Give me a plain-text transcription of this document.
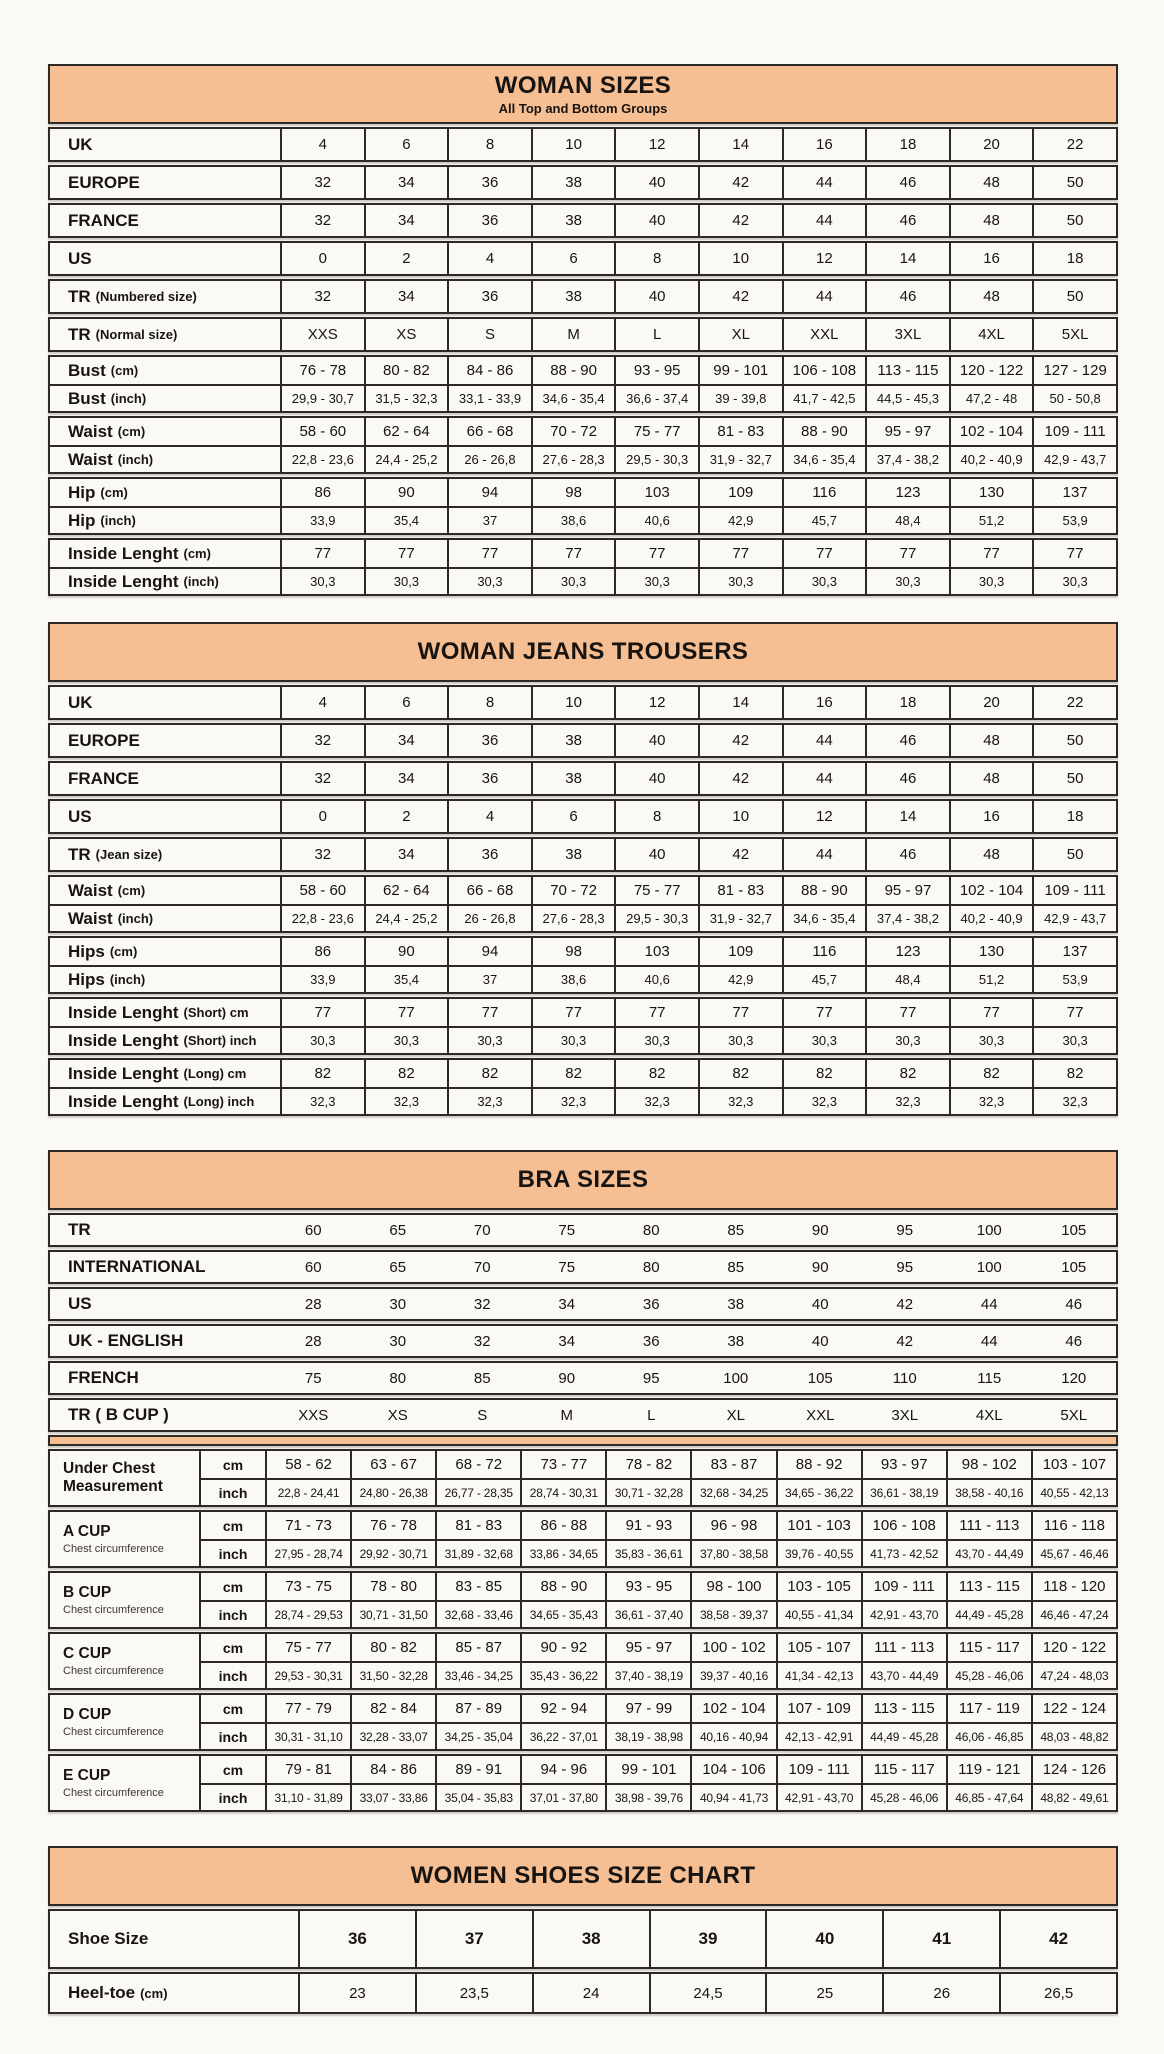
WOMAN SIZES
All Top and Bottom Groups
UK	4	6	8	10	12	14	16	18	20	22
EUROPE	32	34	36	38	40	42	44	46	48	50
FRANCE	32	34	36	38	40	42	44	46	48	50
US	0	2	4	6	8	10	12	14	16	18
TR (Numbered size)	32	34	36	38	40	42	44	46	48	50
TR (Normal size)	XXS	XS	S	M	L	XL	XXL	3XL	4XL	5XL
Bust (cm)	76 - 78	80 - 82	84 - 86	88 - 90	93 - 95	99 - 101	106 - 108	113 - 115	120 - 122	127 - 129
Bust (inch)	29,9 - 30,7	31,5 - 32,3	33,1 - 33,9	34,6 - 35,4	36,6 - 37,4	39 - 39,8	41,7 - 42,5	44,5 - 45,3	47,2 - 48	50 - 50,8
Waist (cm)	58 - 60	62 - 64	66 - 68	70 - 72	75 - 77	81 - 83	88 - 90	95 - 97	102 - 104	109 - 111
Waist (inch)	22,8 - 23,6	24,4 - 25,2	26 - 26,8	27,6 - 28,3	29,5 - 30,3	31,9 - 32,7	34,6 - 35,4	37,4 - 38,2	40,2 - 40,9	42,9 - 43,7
Hip (cm)	86	90	94	98	103	109	116	123	130	137
Hip (inch)	33,9	35,4	37	38,6	40,6	42,9	45,7	48,4	51,2	53,9
Inside Lenght (cm)	77	77	77	77	77	77	77	77	77	77
Inside Lenght (inch)	30,3	30,3	30,3	30,3	30,3	30,3	30,3	30,3	30,3	30,3
WOMAN JEANS TROUSERS
UK	4	6	8	10	12	14	16	18	20	22
EUROPE	32	34	36	38	40	42	44	46	48	50
FRANCE	32	34	36	38	40	42	44	46	48	50
US	0	2	4	6	8	10	12	14	16	18
TR (Jean size)	32	34	36	38	40	42	44	46	48	50
Waist (cm)	58 - 60	62 - 64	66 - 68	70 - 72	75 - 77	81 - 83	88 - 90	95 - 97	102 - 104	109 - 111
Waist (inch)	22,8 - 23,6	24,4 - 25,2	26 - 26,8	27,6 - 28,3	29,5 - 30,3	31,9 - 32,7	34,6 - 35,4	37,4 - 38,2	40,2 - 40,9	42,9 - 43,7
Hips (cm)	86	90	94	98	103	109	116	123	130	137
Hips (inch)	33,9	35,4	37	38,6	40,6	42,9	45,7	48,4	51,2	53,9
Inside Lenght (Short) cm	77	77	77	77	77	77	77	77	77	77
Inside Lenght (Short) inch	30,3	30,3	30,3	30,3	30,3	30,3	30,3	30,3	30,3	30,3
Inside Lenght (Long) cm	82	82	82	82	82	82	82	82	82	82
Inside Lenght (Long) inch	32,3	32,3	32,3	32,3	32,3	32,3	32,3	32,3	32,3	32,3
BRA SIZES
TR	60	65	70	75	80	85	90	95	100	105
INTERNATIONAL	60	65	70	75	80	85	90	95	100	105
US	28	30	32	34	36	38	40	42	44	46
UK - ENGLISH	28	30	32	34	36	38	40	42	44	46
FRENCH	75	80	85	90	95	100	105	110	115	120
TR ( B CUP )	XXS	XS	S	M	L	XL	XXL	3XL	4XL	5XL
Under Chest Measurement
cm	58 - 62	63 - 67	68 - 72	73 - 77	78 - 82	83 - 87	88 - 92	93 - 97	98 - 102	103 - 107
inch	22,8 - 24,41	24,80 - 26,38	26,77 - 28,35	28,74 - 30,31	30,71 - 32,28	32,68 - 34,25	34,65 - 36,22	36,61 - 38,19	38,58 - 40,16	40,55 - 42,13
A CUP
Chest circumference
cm	71 - 73	76 - 78	81 - 83	86 - 88	91 - 93	96 - 98	101 - 103	106 - 108	111 - 113	116 - 118
inch	27,95 - 28,74	29,92 - 30,71	31,89 - 32,68	33,86 - 34,65	35,83 - 36,61	37,80 - 38,58	39,76 - 40,55	41,73 - 42,52	43,70 - 44,49	45,67 - 46,46
B CUP
Chest circumference
cm	73 - 75	78 - 80	83 - 85	88 - 90	93 - 95	98 - 100	103 - 105	109 - 111	113 - 115	118 - 120
inch	28,74 - 29,53	30,71 - 31,50	32,68 - 33,46	34,65 - 35,43	36,61 - 37,40	38,58 - 39,37	40,55 - 41,34	42,91 - 43,70	44,49 - 45,28	46,46 - 47,24
C CUP
Chest circumference
cm	75 - 77	80 - 82	85 - 87	90 - 92	95 - 97	100 - 102	105 - 107	111 - 113	115 - 117	120 - 122
inch	29,53 - 30,31	31,50 - 32,28	33,46 - 34,25	35,43 - 36,22	37,40 - 38,19	39,37 - 40,16	41,34 - 42,13	43,70 - 44,49	45,28 - 46,06	47,24 - 48,03
D CUP
Chest circumference
cm	77 - 79	82 - 84	87 - 89	92 - 94	97 - 99	102 - 104	107 - 109	113 - 115	117 - 119	122 - 124
inch	30,31 - 31,10	32,28 - 33,07	34,25 - 35,04	36,22 - 37,01	38,19 - 38,98	40,16 - 40,94	42,13 - 42,91	44,49 - 45,28	46,06 - 46,85	48,03 - 48,82
E CUP
Chest circumference
cm	79 - 81	84 - 86	89 - 91	94 - 96	99 - 101	104 - 106	109 - 111	115 - 117	119 - 121	124 - 126
inch	31,10 - 31,89	33,07 - 33,86	35,04 - 35,83	37,01 - 37,80	38,98 - 39,76	40,94 - 41,73	42,91 - 43,70	45,28 - 46,06	46,85 - 47,64	48,82 - 49,61
WOMEN SHOES SIZE CHART
Shoe Size	36	37	38	39	40	41	42
Heel-toe (cm)	23	23,5	24	24,5	25	26	26,5
